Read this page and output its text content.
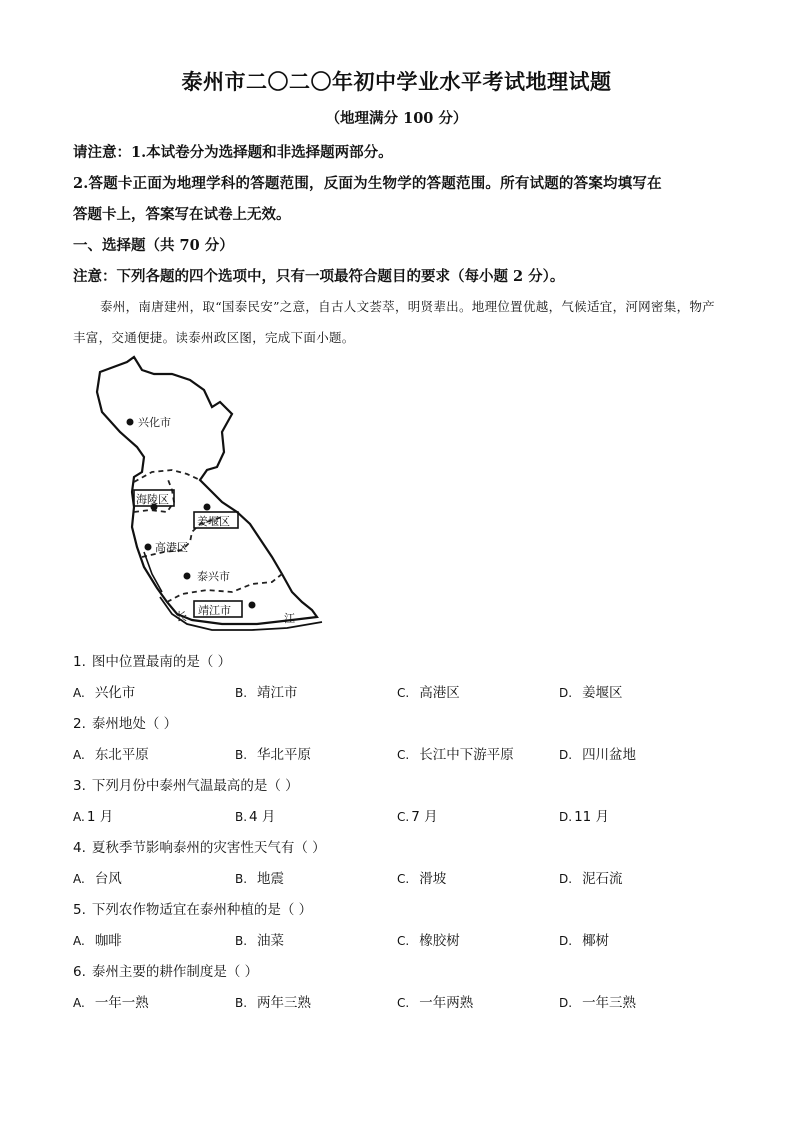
泰州市二〇二〇年初中学业水平考试地理试题
（地理满分 100 分）
请注意：1.本试卷分为选择题和非选择题两部分。
2.答题卡正面为地理学科的答题范围，反面为生物学的答题范围。所有试题的答案均填写在
答题卡上，答案写在试卷上无效。
一、选择题（共 70 分）
注意：下列各题的四个选项中，只有一项最符合题目的要求（每小题 2 分）。
泰州，南唐建州，取“国泰民安”之意，自古人文荟萃，明贤辈出。地理位置优越，气候适宜，河网密集，物产丰富，交通便捷。读泰州政区图，完成下面小题。
兴化市
海陵区
姜堰区
高港区
泰兴市
靖江市
长	江
1. 图中位置最南的是（ ）
A. 兴化市	B. 靖江市	C. 高港区	D. 姜堰区
2. 泰州地处（ ）
A. 东北平原	B. 华北平原	C. 长江中下游平原	D. 四川盆地
3. 下列月份中泰州气温最高的是（ ）
A. 1 月	B. 4 月	C. 7 月	D. 11 月
4. 夏秋季节影响泰州的灾害性天气有（ ）
A. 台风	B. 地震	C. 滑坡	D. 泥石流
5. 下列农作物适宜在泰州种植的是（ ）
A. 咖啡	B. 油菜	C. 橡胶树	D. 椰树
6. 泰州主要的耕作制度是（ ）
A. 一年一熟	B. 两年三熟	C. 一年两熟	D. 一年三熟
